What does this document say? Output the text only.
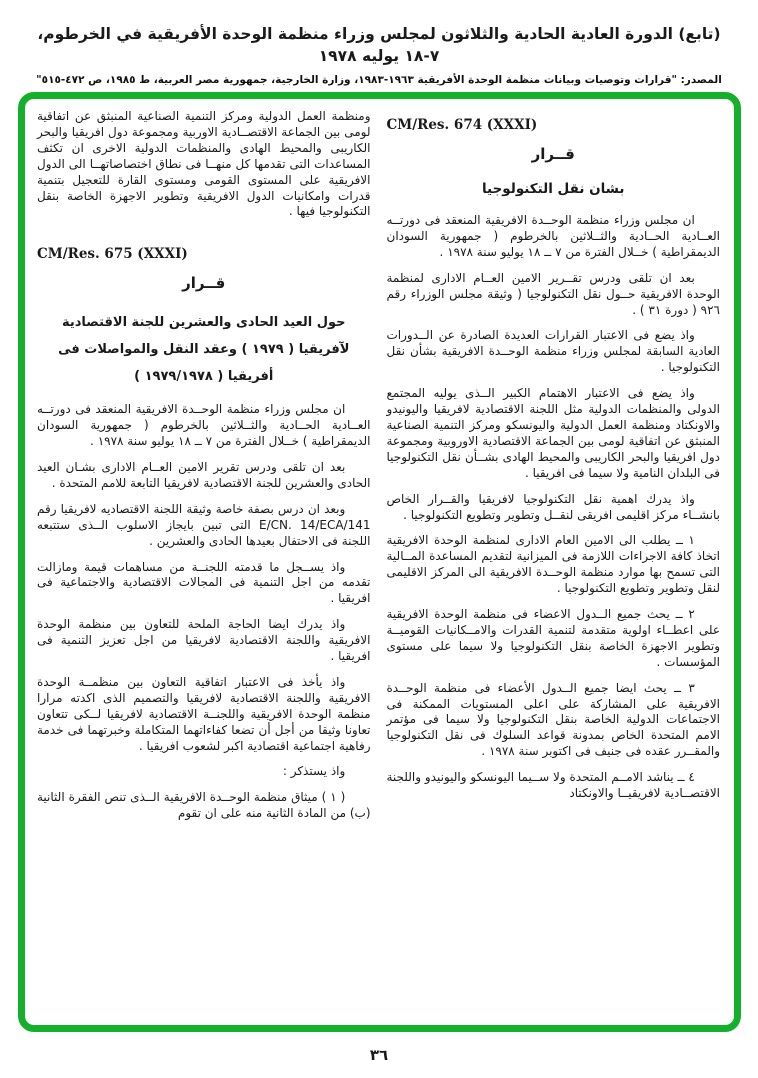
(تابع) الدورة العادية الحادية والثلاثون لمجلس وزراء منظمة الوحدة الأفريقية في الخرطوم، ٧-١٨ يوليه ١٩٧٨
المصدر: "قرارات وتوصيات وبيانات منظمة الوحدة الأفريقية ١٩٦٣-١٩٨٣، وزارة الخارجية، جمهورية مصر العربية، ط ١٩٨٥، ص ٤٧٢-٥١٥"
CM/Res. 674 (XXXI)
قــرار
بشان نقل التكنولوجيا

ان مجلس وزراء منظمة الوحــدة الافريقية المنعقد فى دورتــه العــادية الحــادية والثــلاثين بالخرطوم ( جمهورية السودان الديمقراطية ) خــلال الفترة من ٧ ــ ١٨ يوليو سنة ١٩٧٨ .

بعد ان تلقى ودرس تقــرير الامين العــام الادارى لمنظمة الوحدة الافريقية حــول نقل التكنولوجيا ( وثيقة مجلس الوزراء رقم ٩٢٦ ( دورة ٣١ ) .

واذ يضع فى الاعتبار القرارات العديدة الصادرة عن الــدورات العادية السابقة لمجلس وزراء منظمة الوحــدة الافريقية بشأن نقل التكنولوجيا .

واذ يضع فى الاعتبار الاهتمام الكبير الــذى يوليه المجتمع الدولى والمنظمات الدولية مثل اللجنة الاقتصادية لافريقيا واليونيدو والاونكتاد ومنظمة العمل الدولية واليونسكو ومركز التنمية الصناعية المنبثق عن اتفاقية لومى بين الجماعة الاقتصادية الاوروبية ومجموعة دول افريقيا والبحر الكاريبى والمحيط الهادى بشــأن نقل التكنولوجيا فى البلدان النامية ولا سيما فى افريقيا .

واذ يدرك اهمية نقل التكنولوجيا لافريقيا والقــرار الخاص بانشــاء مركز اقليمى افريقى لنقــل وتطوير وتطويع التكنولوجيا .

١ ــ يطلب الى الامين العام الادارى لمنظمة الوحدة الافريقية اتخاذ كافة الاجراءات اللازمة فى الميزانية لتقديم المساعدة المــالية التى تسمح بها موارد منظمة الوحــدة الافريقية الى المركز الاقليمى لنقل وتطوير وتطويع التكنولوجيا .

٢ ــ يحث جميع الــدول الاعضاء فى منظمة الوحدة الافريقية على اعطــاء اولوية متقدمة لتنمية القدرات والامــكانيات القوميــة وتطوير الاجهزة الخاصة بنقل التكنولوجيا ولا سيما على مستوى المؤسسات .

٣ ــ يحث ايضا جميع الــدول الأعضاء فى منظمة الوحــدة الافريقية على المشاركة على اعلى المستويات الممكنة فى الاجتماعات الدولية الخاصة بنقل التكنولوجيا ولا سيما فى مؤتمر الامم المتحدة الخاص بمدونة قواعد السلوك فى نقل التكنولوجيا والمقــرر عقده فى جنيف فى اكتوبر سنة ١٩٧٨ .

٤ ــ يناشد الامــم المتحدة ولا ســيما اليونسكو واليونيدو واللجنة الاقتصــادية لافريقيــا والاونكتاد

ومنظمة العمل الدولية ومركز التنمية الصناعية المنبثق عن اتفاقية لومى بين الجماعة الاقتصــادية الاوربية ومجموعة دول افريقيا والبحر الكاريبى والمحيط الهادى والمنظمات الدولية الاخرى ان تكثف المساعدات التى تقدمها كل منهــا فى نطاق اختصاصاتهــا الى الدول الافريقية على المستوى القومى ومستوى القارة للتعجيل بتنمية قدرات وامكانيات الدول الافريقية وتطوير الاجهزة الخاصة بنقل التكنولوجيا فيها .

CM/Res. 675 (XXXI)
قــرار
حول العيد الحادى والعشرين للجنة الاقتصادية
لآفريقيا ( ١٩٧٩ ) وعقد النقل والمواصلات فى
أفريقيا ( ١٩٧٩/١٩٧٨ )

ان مجلس وزراء منظمة الوحــدة الافريقية المنعقد فى دورتــه العــادية الحــادية والثــلاثين بالخرطوم ( جمهورية السودان الديمقراطية ) خــلال الفترة من ٧ ــ ١٨ يوليو سنة ١٩٧٨ .

بعد ان تلقى ودرس تقرير الامين العــام الادارى بشـان العيد الحادى والعشرين للجنة الاقتصادية لافريقيا التابعة للامم المتحدة .

وبعد ان درس بصفة خاصة وثيقة اللجنة الاقتصاديه لافريقيا رقم E/CN. 14/ECA/141 التى تبين بايجاز الاسلوب الــذى ستتبعه اللجنة فى الاحتفال بعيدها الحادى والعشرين .

واذ يســجل ما قدمته اللجنــة من مساهمات قيمة ومازالت تقدمه من اجل التنمية فى المجالات الاقتصادية والاجتماعية فى افريقيا .

واذ يدرك ايضا الحاجة الملحة للتعاون بين منظمة الوحدة الافريقية واللجنة الاقتصادية لافريقيا من اجل تعزيز التنمية فى افريقيا .

واذ يأخذ فى الاعتبار اتفاقية التعاون بين منظمــة الوحدة الافريقية واللجنة الاقتصادية لافريقيا والتصميم الذى اكدته مرارا منظمة الوحدة الافريقية واللجنــة الاقتصادية لافريقيا لــكى تتعاون تعاونا وثيقا من أجل أن تضعا كفاءاتهما المتكاملة وخبرتهما فى خدمة رفاهية اجتماعية اقتصادية اكبر لشعوب افريقيا .

واذ يستذكر :

( ١ ) ميثاق منظمة الوحــدة الافريقية الــذى تنص الفقرة الثانية (ب) من المادة الثانية منه على ان تقوم

٣٦
